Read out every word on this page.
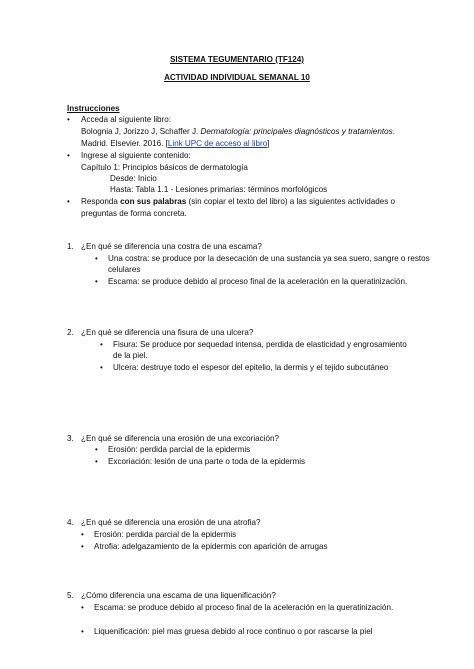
SISTEMA TEGUMENTARIO (TF124)
ACTIVIDAD INDIVIDUAL SEMANAL 10
Instrucciones
• Acceda al siguiente libro:
Bolognia J, Jorizzo J, Schaffer J. Dermatología: principales diagnósticos y tratamientos.
Madrid. Elsevier. 2016. [Link UPC de acceso al libro]
• Ingrese al siguiente contenido:
Capítulo 1: Principios básicos de dermatología
Desde: Inicio
Hasta: Tabla 1.1 - Lesiones primarias: términos morfológicos
• Responda con sus palabras (sin copiar el texto del libro) a las siguientes actividades o
preguntas de forma concreta.
1. ¿En qué se diferencia una costra de una escama?
• Una costra: se produce por la desecación de una sustancia ya sea suero, sangre o restos
celulares
• Escama: se produce debido al proceso final de la aceleración en la queratinización.
2. ¿En qué se diferencia una fisura de una ulcera?
• Fisura: Se produce por sequedad intensa, perdida de elasticidad y engrosamiento
de la piel.
• Ulcera: destruye todo el espesor del epitelio, la dermis y el tejido subcutáneo
3. ¿En qué se diferencia una erosión de una excoriación?
• Erosión: perdida parcial de la epidermis
• Excoriación: lesión de una parte o toda de la epidermis
4. ¿En qué se diferencia una erosión de una atrofia?
• Erosión: perdida parcial de la epidermis
• Atrofia: adelgazamiento de la epidermis con aparición de arrugas
5. ¿Cómo diferencia una escama de una liquenificación?
• Escama: se produce debido al proceso final de la aceleración en la queratinización.
• Liquenificación: piel mas gruesa debido al roce continuo o por rascarse la piel
